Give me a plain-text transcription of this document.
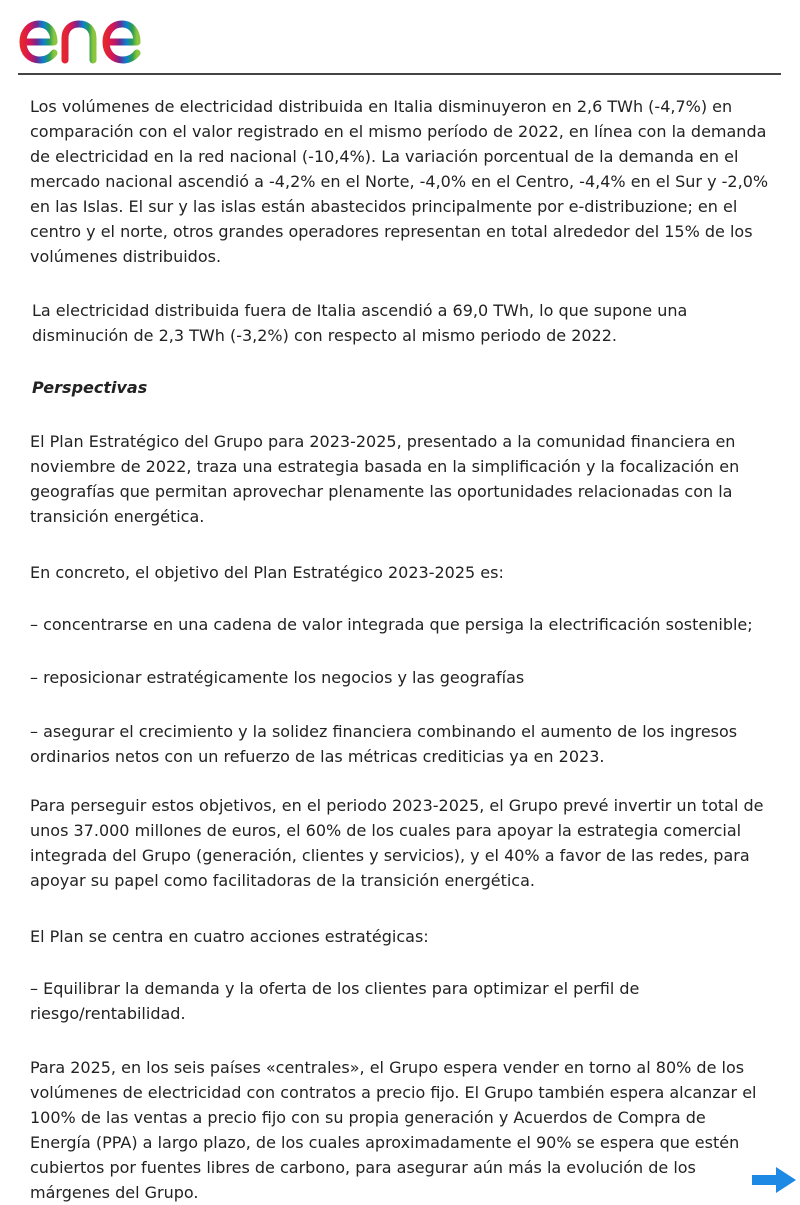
Los volúmenes de electricidad distribuida en Italia disminuyeron en 2,6 TWh (-4,7%) en comparación con el valor registrado en el mismo período de 2022, en línea con la demanda de electricidad en la red nacional (-10,4%). La variación porcentual de la demanda en el mercado nacional ascendió a -4,2% en el Norte, -4,0% en el Centro, -4,4% en el Sur y -2,0% en las Islas. El sur y las islas están abastecidos principalmente por e-distribuzione; en el centro y el norte, otros grandes operadores representan en total alrededor del 15% de los volúmenes distribuidos.

La electricidad distribuida fuera de Italia ascendió a 69,0 TWh, lo que supone una disminución de 2,3 TWh (-3,2%) con respecto al mismo periodo de 2022.

Perspectivas

El Plan Estratégico del Grupo para 2023-2025, presentado a la comunidad financiera en noviembre de 2022, traza una estrategia basada en la simplificación y la focalización en geografías que permitan aprovechar plenamente las oportunidades relacionadas con la transición energética.

En concreto, el objetivo del Plan Estratégico 2023-2025 es:

– concentrarse en una cadena de valor integrada que persiga la electrificación sostenible;

– reposicionar estratégicamente los negocios y las geografías

– asegurar el crecimiento y la solidez financiera combinando el aumento de los ingresos ordinarios netos con un refuerzo de las métricas crediticias ya en 2023.

Para perseguir estos objetivos, en el periodo 2023-2025, el Grupo prevé invertir un total de unos 37.000 millones de euros, el 60% de los cuales para apoyar la estrategia comercial integrada del Grupo (generación, clientes y servicios), y el 40% a favor de las redes, para apoyar su papel como facilitadoras de la transición energética.

El Plan se centra en cuatro acciones estratégicas:

– Equilibrar la demanda y la oferta de los clientes para optimizar el perfil de riesgo/rentabilidad.

Para 2025, en los seis países «centrales», el Grupo espera vender en torno al 80% de los volúmenes de electricidad con contratos a precio fijo. El Grupo también espera alcanzar el 100% de las ventas a precio fijo con su propia generación y Acuerdos de Compra de Energía (PPA) a largo plazo, de los cuales aproximadamente el 90% se espera que estén cubiertos por fuentes libres de carbono, para asegurar aún más la evolución de los márgenes del Grupo.
